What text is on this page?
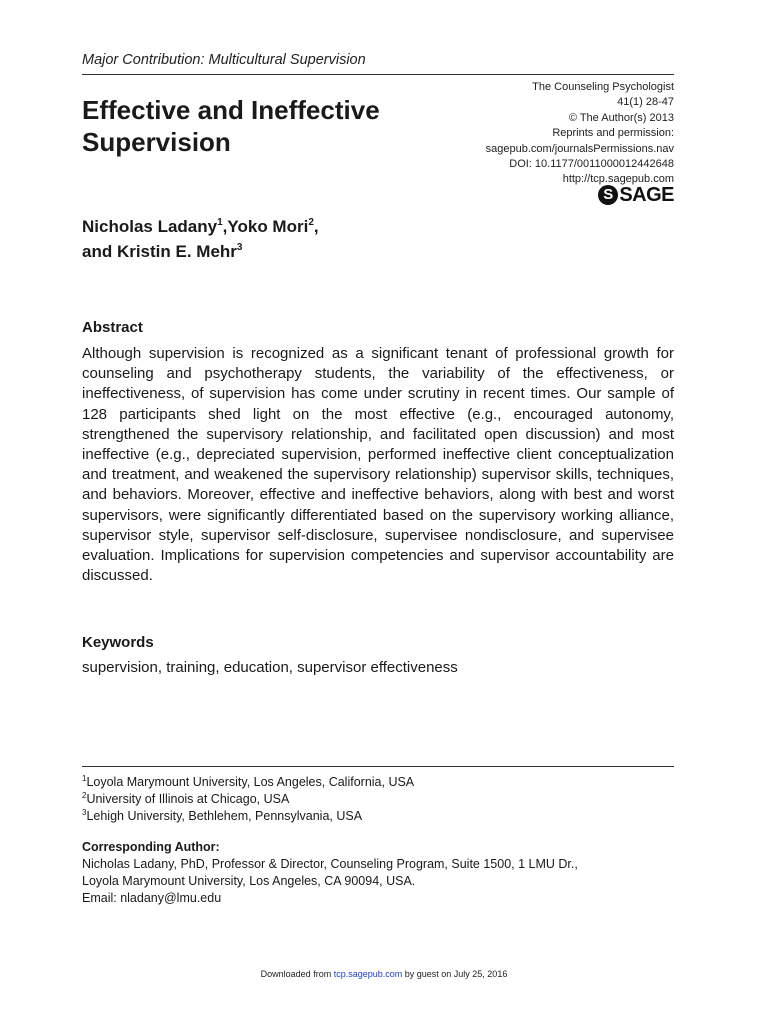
Major Contribution: Multicultural Supervision
The Counseling Psychologist
41(1) 28-47
© The Author(s) 2013
Reprints and permission:
sagepub.com/journalsPermissions.nav
DOI: 10.1177/0011000012442648
http://tcp.sagepub.com
S SAGE
Effective and Ineffective
Supervision
Nicholas Ladany$^1$,Yoko Mori$^2$,
and Kristin E. Mehr$^3$
Abstract
Although supervision is recognized as a significant tenant of professional growth for counseling and psychotherapy students, the variability of the effectiveness, or ineffectiveness, of supervision has come under scrutiny in recent times. Our sample of 128 participants shed light on the most effective (e.g., encouraged autonomy, strengthened the supervisory relationship, and facilitated open discussion) and most ineffective (e.g., depreciated supervision, performed ineffective client conceptualization and treatment, and weakened the supervisory relationship) supervisor skills, techniques, and behaviors. Moreover, effective and ineffective behaviors, along with best and worst supervisors, were significantly differentiated based on the supervisory working alliance, supervisor style, supervisor self-disclosure, supervisee nondisclosure, and supervisee evaluation. Implications for supervision competencies and supervisor accountability are discussed.
Keywords
supervision, training, education, supervisor effectiveness
$^1$Loyola Marymount University, Los Angeles, California, USA
$^2$University of Illinois at Chicago, USA
$^3$Lehigh University, Bethlehem, Pennsylvania, USA
Corresponding Author:
Nicholas Ladany, PhD, Professor & Director, Counseling Program, Suite 1500, 1 LMU Dr.,
Loyola Marymount University, Los Angeles, CA 90094, USA.
Email: nladany@lmu.edu
Downloaded from tcp.sagepub.com by guest on July 25, 2016
